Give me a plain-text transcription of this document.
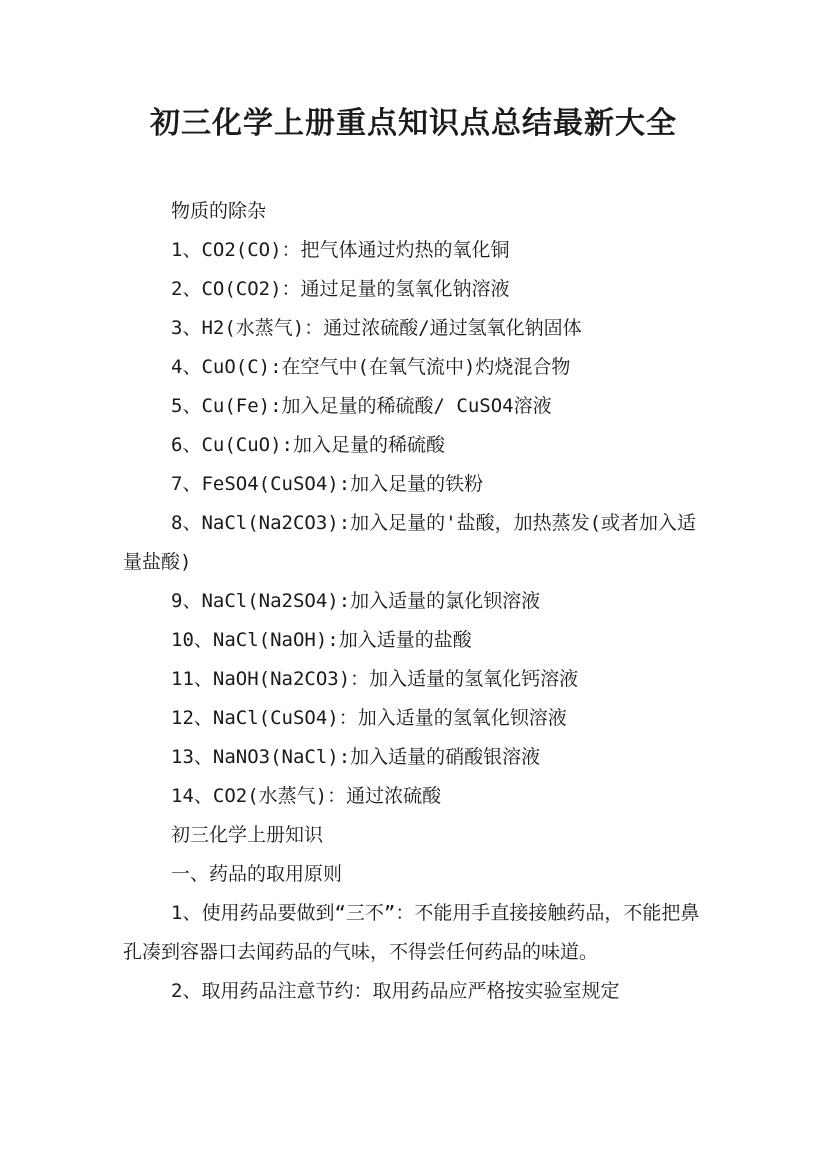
初三化学上册重点知识点总结最新大全

物质的除杂

1、CO2(CO)：把气体通过灼热的氧化铜

2、CO(CO2)：通过足量的氢氧化钠溶液

3、H2(水蒸气)：通过浓硫酸/通过氢氧化钠固体

4、CuO(C):在空气中(在氧气流中)灼烧混合物

5、Cu(Fe):加入足量的稀硫酸/ CuSO4溶液

6、Cu(CuO):加入足量的稀硫酸

7、FeSO4(CuSO4):加入足量的铁粉

8、NaCl(Na2CO3):加入足量的'盐酸，加热蒸发(或者加入适量盐酸)

9、NaCl(Na2SO4):加入适量的氯化钡溶液

10、NaCl(NaOH):加入适量的盐酸

11、NaOH(Na2CO3)：加入适量的氢氧化钙溶液

12、NaCl(CuSO4)：加入适量的氢氧化钡溶液

13、NaNO3(NaCl):加入适量的硝酸银溶液

14、CO2(水蒸气)：通过浓硫酸

初三化学上册知识

一、药品的取用原则

1、使用药品要做到“三不”：不能用手直接接触药品，不能把鼻孔凑到容器口去闻药品的气味，不得尝任何药品的味道。

2、取用药品注意节约：取用药品应严格按实验室规定
